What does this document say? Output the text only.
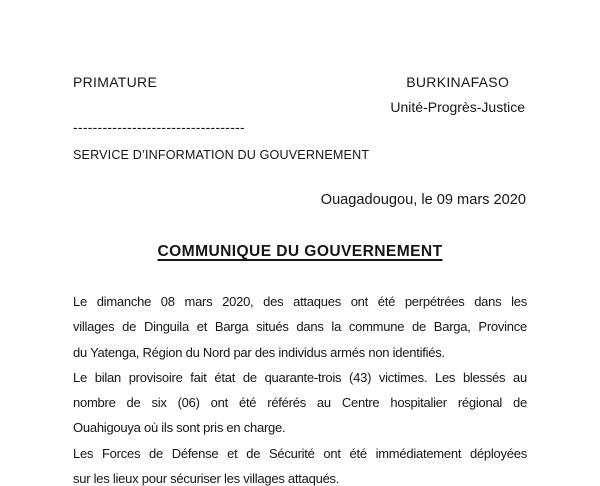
PRIMATURE	BURKINAFASO
Unité-Progrès-Justice
-----------------------------------
SERVICE D’INFORMATION DU GOUVERNEMENT
Ouagadougou, le 09 mars 2020
COMMUNIQUE DU GOUVERNEMENT
Le dimanche 08 mars 2020, des attaques ont été perpétrées dans les
villages de Dinguila et Barga situés dans la commune de Barga, Province
du Yatenga, Région du Nord par des individus armés non identifiés.
Le bilan provisoire fait état de quarante-trois (43) victimes. Les blessés au
nombre de six (06) ont été référés au Centre hospitalier régional de
Ouahigouya où ils sont pris en charge.
Les Forces de Défense et de Sécurité ont été immédiatement déployées
sur les lieux pour sécuriser les villages attaqués.
